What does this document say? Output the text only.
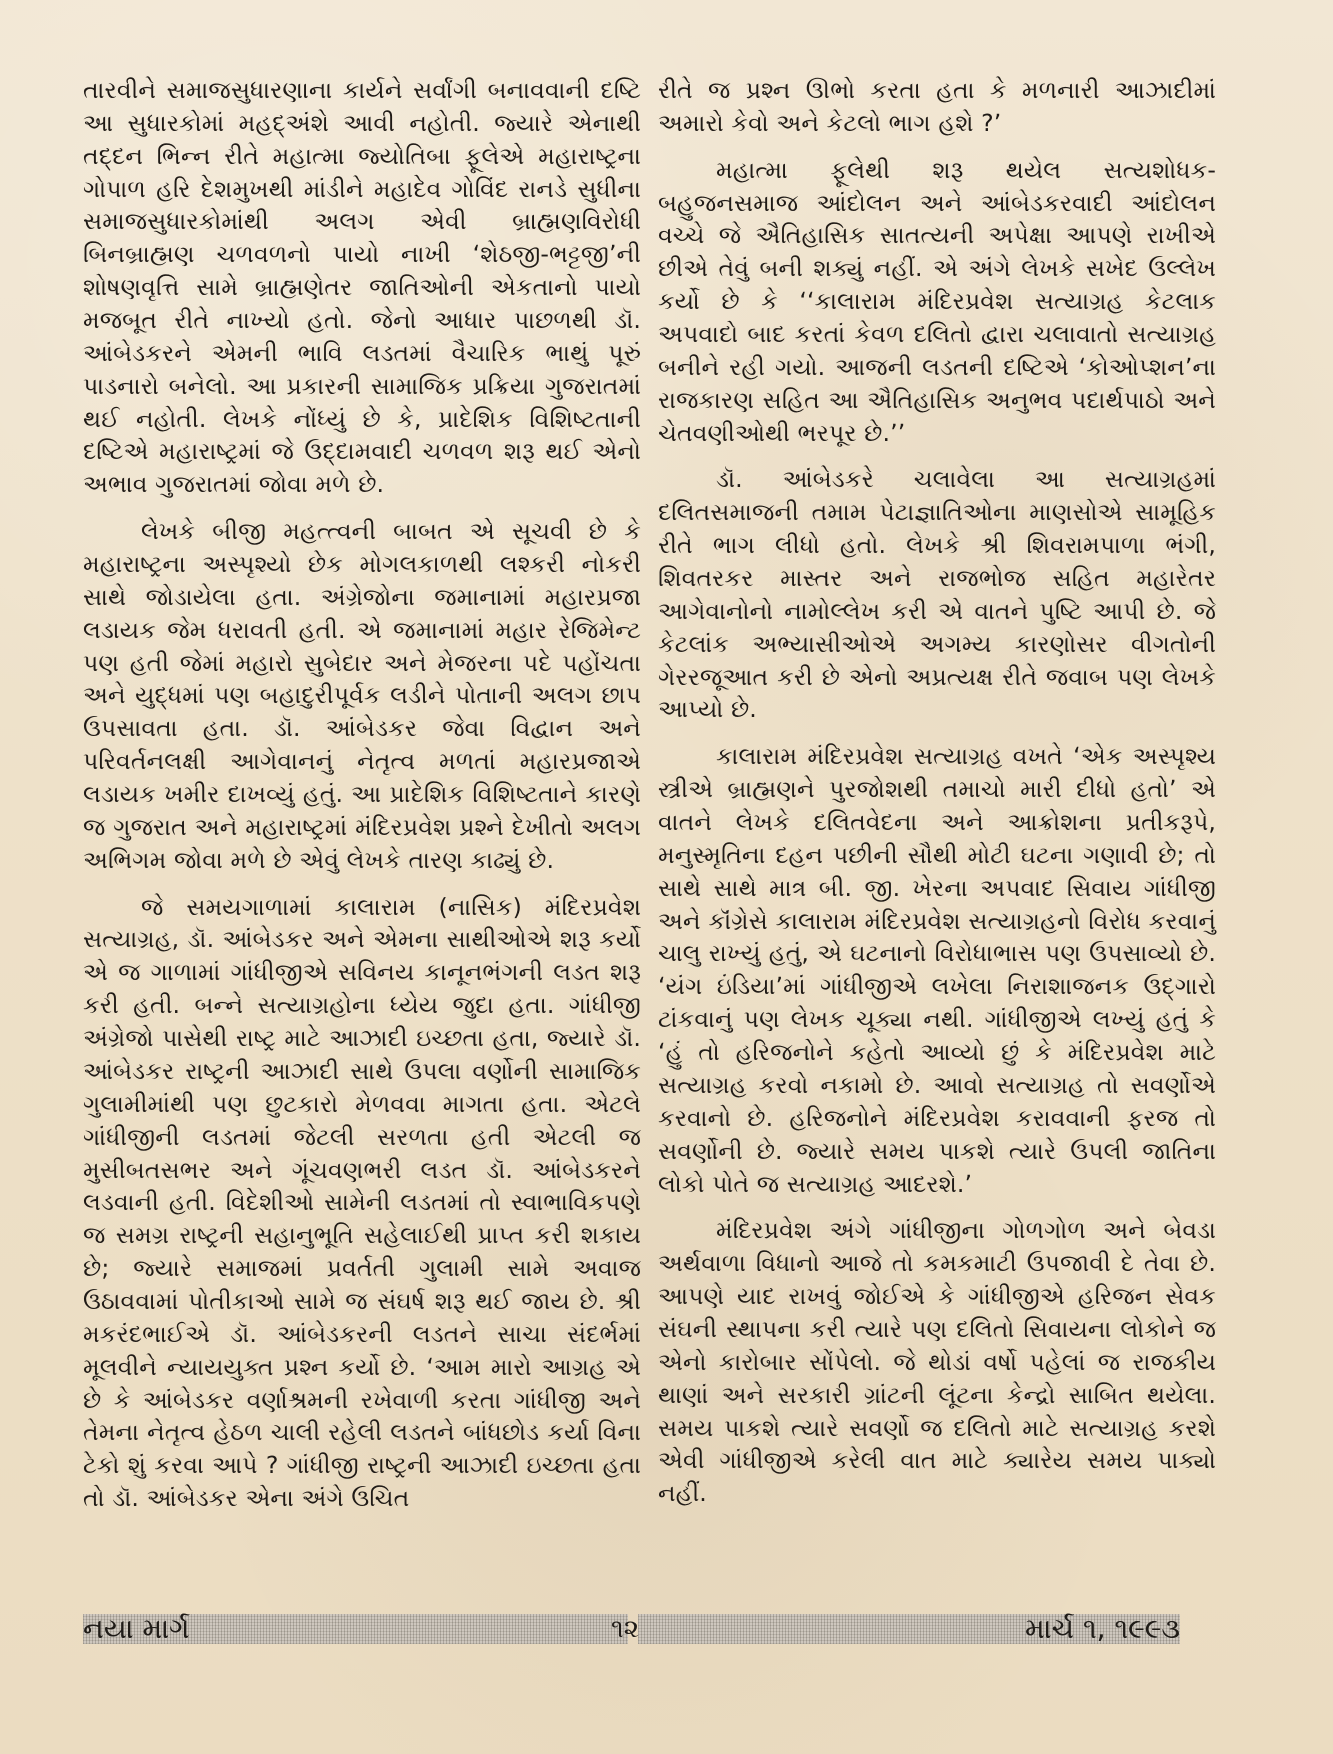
તારવીને સમાજસુધારણાના કાર્યને સર્વાંગી બનાવવાની દષ્ટિ આ સુધારકોમાં મહદ્અંશે આવી નહોતી. જ્યારે એનાથી તદ્દન ભિન્ન રીતે મહાત્મા જ્યોતિબા ફૂલેએ મહારાષ્ટ્રના ગોપાળ હરિ દેશમુખથી માંડીને મહાદેવ ગોવિંદ રાનડે સુધીના સમાજસુધારકોમાંથી અલગ એવી બ્રાહ્મણવિરોધી બિનબ્રાહ્મણ ચળવળનો પાયો નાખી ‘શેઠજી-ભટ્ટજી’ની શોષણવૃત્તિ સામે બ્રાહ્મણેતર જાતિઓની એકતાનો પાયો મજબૂત રીતે નાખ્યો હતો. જેનો આધાર પાછળથી ડૉ. આંબેડકરને એમની ભાવિ લડતમાં વૈચારિક ભાથું પૂરું પાડનારો બનેલો. આ પ્રકારની સામાજિક પ્રક્રિયા ગુજરાતમાં થઈ નહોતી. લેખકે નોંધ્યું છે કે, પ્રાદેશિક વિશિષ્ટતાની દષ્ટિએ મહારાષ્ટ્રમાં જે ઉદ્દામવાદી ચળવળ શરૂ થઈ એનો અભાવ ગુજરાતમાં જોવા મળે છે.

લેખકે બીજી મહત્ત્વની બાબત એ સૂચવી છે કે મહારાષ્ટ્રના અસ્પૃશ્યો છેક મોગલકાળથી લશ્કરી નોકરી સાથે જોડાયેલા હતા. અંગ્રેજોના જમાનામાં મહારપ્રજા લડાયક જેમ ધરાવતી હતી. એ જમાનામાં મહાર રેજિમેન્ટ પણ હતી જેમાં મહારો સુબેદાર અને મેજરના પદે પહોંચતા અને યુદ્ધમાં પણ બહાદુરીપૂર્વક લડીને પોતાની અલગ છાપ ઉપસાવતા હતા. ડૉ. આંબેડકર જેવા વિદ્વાન અને પરિવર્તનલક્ષી આગેવાનનું નેતૃત્વ મળતાં મહારપ્રજાએ લડાયક ખમીર દાખવ્યું હતું. આ પ્રાદેશિક વિશિષ્ટતાને કારણે જ ગુજરાત અને મહારાષ્ટ્રમાં મંદિરપ્રવેશ પ્રશ્ને દેખીતો અલગ અભિગમ જોવા મળે છે એવું લેખકે તારણ કાઢ્યું છે.

જે સમયગાળામાં કાલારામ (નાસિક) મંદિરપ્રવેશ સત્યાગ્રહ, ડૉ. આંબેડકર અને એમના સાથીઓએ શરૂ કર્યો એ જ ગાળામાં ગાંધીજીએ સવિનય કાનૂનભંગની લડત શરૂ કરી હતી. બન્ને સત્યાગ્રહોના ધ્યેય જુદા હતા. ગાંધીજી અંગ્રેજો પાસેથી રાષ્ટ્ર માટે આઝાદી ઇચ્છતા હતા, જ્યારે ડૉ. આંબેડકર રાષ્ટ્રની આઝાદી સાથે ઉપલા વર્ણોની સામાજિક ગુલામીમાંથી પણ છુટકારો મેળવવા માગતા હતા. એટલે ગાંધીજીની લડતમાં જેટલી સરળતા હતી એટલી જ મુસીબતસભર અને ગૂંચવણભરી લડત ડૉ. આંબેડકરને લડવાની હતી. વિદેશીઓ સામેની લડતમાં તો સ્વાભાવિકપણે જ સમગ્ર રાષ્ટ્રની સહાનુભૂતિ સહેલાઈથી પ્રાપ્ત કરી શકાય છે; જ્યારે સમાજમાં પ્રવર્તતી ગુલામી સામે અવાજ ઉઠાવવામાં પોતીકાઓ સામે જ સંઘર્ષ શરૂ થઈ જાય છે. શ્રી મકરંદભાઈએ ડૉ. આંબેડકરની લડતને સાચા સંદર્ભમાં મૂલવીને ન્યાયયુક્ત પ્રશ્ન કર્યો છે. ‘આમ મારો આગ્રહ એ છે કે આંબેડકર વર્ણાશ્રમની રખેવાળી કરતા ગાંધીજી અને તેમના નેતૃત્વ હેઠળ ચાલી રહેલી લડતને બાંધછોડ કર્યા વિના ટેકો શું કરવા આપે ? ગાંધીજી રાષ્ટ્રની આઝાદી ઇચ્છતા હતા તો ડૉ. આંબેડકર એના અંગે ઉચિત

રીતે જ પ્રશ્ન ઊભો કરતા હતા કે મળનારી આઝાદીમાં અમારો કેવો અને કેટલો ભાગ હશે ?’

મહાત્મા ફૂલેથી શરૂ થયેલ સત્યશોધક-બહુજનસમાજ આંદોલન અને આંબેડકરવાદી આંદોલન વચ્ચે જે ઐતિહાસિક સાતત્યની અપેક્ષા આપણે રાખીએ છીએ તેવું બની શક્યું નહીં. એ અંગે લેખકે સખેદ ઉલ્લેખ કર્યો છે કે ‘‘કાલારામ મંદિરપ્રવેશ સત્યાગ્રહ કેટલાક અપવાદો બાદ કરતાં કેવળ દલિતો દ્વારા ચલાવાતો સત્યાગ્રહ બનીને રહી ગયો. આજની લડતની દષ્ટિએ ‘કોઓપ્શન’ના રાજકારણ સહિત આ ઐતિહાસિક અનુભવ પદાર્થપાઠો અને ચેતવણીઓથી ભરપૂર છે.’’

ડૉ. આંબેડકરે ચલાવેલા આ સત્યાગ્રહમાં દલિતસમાજની તમામ પેટાજ્ઞાતિઓના માણસોએ સામૂહિક રીતે ભાગ લીધો હતો. લેખકે શ્રી શિવરામપાળા ભંગી, શિવતરકર માસ્તર અને રાજભોજ સહિત મહારેતર આગેવાનોનો નામોલ્લેખ કરી એ વાતને પુષ્ટિ આપી છે. જે કેટલાંક અભ્યાસીઓએ અગમ્ય કારણોસર વીગતોની ગેરરજૂઆત કરી છે એનો અપ્રત્યક્ષ રીતે જવાબ પણ લેખકે આપ્યો છે.

કાલારામ મંદિરપ્રવેશ સત્યાગ્રહ વખતે ‘એક અસ્પૃશ્ય સ્ત્રીએ બ્રાહ્મણને પુરજોશથી તમાચો મારી દીધો હતો’ એ વાતને લેખકે દલિતવેદના અને આક્રોશના પ્રતીકરૂપે, મનુસ્મૃતિના દહન પછીની સૌથી મોટી ઘટના ગણાવી છે; તો સાથે સાથે માત્ર બી. જી. ખેરના અપવાદ સિવાય ગાંધીજી અને કૉંગ્રેસે કાલારામ મંદિરપ્રવેશ સત્યાગ્રહનો વિરોધ કરવાનું ચાલુ રાખ્યું હતું, એ ઘટનાનો વિરોધાભાસ પણ ઉપસાવ્યો છે. ‘યંગ ઇંડિયા’માં ગાંધીજીએ લખેલા નિરાશાજનક ઉદ્ગારો ટાંકવાનું પણ લેખક ચૂક્યા નથી. ગાંધીજીએ લખ્યું હતું કે ‘હું તો હરિજનોને કહેતો આવ્યો છું કે મંદિરપ્રવેશ માટે સત્યાગ્રહ કરવો નકામો છે. આવો સત્યાગ્રહ તો સવર્ણોએ કરવાનો છે. હરિજનોને મંદિરપ્રવેશ કરાવવાની ફરજ તો સવર્ણોની છે. જ્યારે સમય પાકશે ત્યારે ઉપલી જાતિના લોકો પોતે જ સત્યાગ્રહ આદરશે.’

મંદિરપ્રવેશ અંગે ગાંધીજીના ગોળગોળ અને બેવડા અર્થવાળા વિધાનો આજે તો કમકમાટી ઉપજાવી દે તેવા છે. આપણે યાદ રાખવું જોઈએ કે ગાંધીજીએ હરિજન સેવક સંઘની સ્થાપના કરી ત્યારે પણ દલિતો સિવાયના લોકોને જ એનો કારોબાર સોંપેલો. જે થોડાં વર્ષો પહેલાં જ રાજકીય થાણાં અને સરકારી ગ્રાંટની લૂંટના કેન્દ્રો સાબિત થયેલા. સમય પાકશે ત્યારે સવર્ણો જ દલિતો માટે સત્યાગ્રહ કરશે એવી ગાંધીજીએ કરેલી વાત માટે ક્યારેય સમય પાક્યો નહીં.

નયા માર્ગ	૧૨	માર્ચ ૧, ૧૯૯૩
